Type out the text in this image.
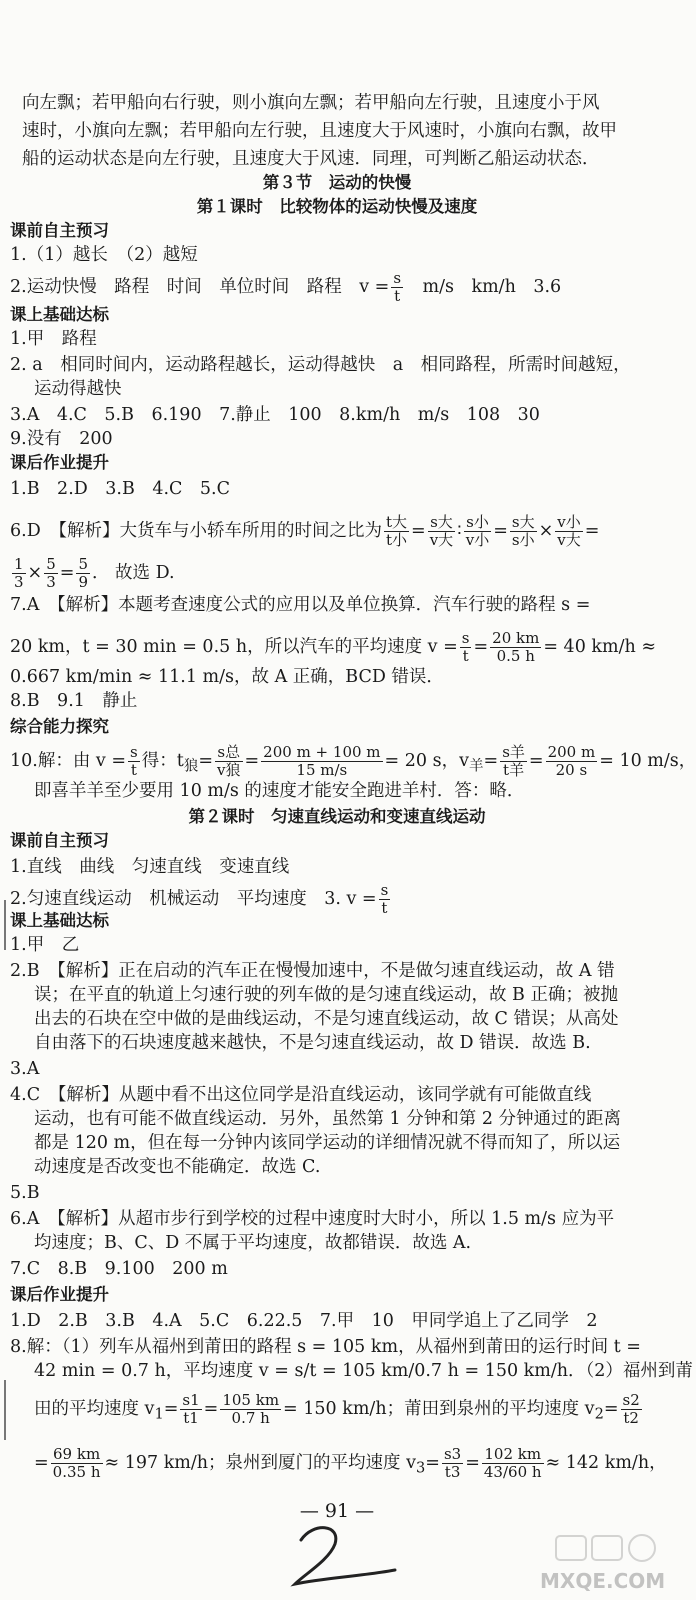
向左飘；若甲船向右行驶，则小旗向左飘；若甲船向左行驶，且速度小于风
速时，小旗向左飘；若甲船向左行驶，且速度大于风速时，小旗向右飘，故甲
船的运动状态是向左行驶，且速度大于风速．同理，可判断乙船运动状态．
第３节　运动的快慢
第１课时　比较物体的运动快慢及速度
课前自主预习
1.（1）越长　（2）越短
2.运动快慢　路程　时间　单位时间　路程　$v = \frac{s}{t}$
　 m/s　km/h　3.6
课上基础达标
1.甲　路程
2. a　相同时间内，运动路程越长，运动得越快　a　相同路程，所需时间越短，
运动得越快
3.A　4.C　5.B　6.190　7.静止　100　8.km/h　m/s　108　30
9.没有　200
课后作业提升
1.B　2.D　3.B　4.C　5.C
6.D　【解析】大货车与小轿车所用的时间之比为 $\frac{\text{t大}}{\text{t小}} = \frac{\text{s大}}{\text{v大}}$ ∶ $\frac{\text{s小}}{\text{v小}} = \frac{\text{s大}}{\text{s小}} \times \frac{\text{v小}}{\text{v大}}$ =
$\frac{1}{3} \times \frac{5}{3} = \frac{5}{9}$ ． 故选 D.
7.A　【解析】本题考查速度公式的应用以及单位换算．汽车行驶的路程 s =
20 km，t = 30 min = 0.5 h，所以汽车的平均速度 $v = \frac{s}{t} = \frac{20 km}{0.5 h} = 40$ km/h ≈
0.667 km/min ≈ 11.1 m/s，故 A 正确，BCD 错误．
8.B　9.1　静止
综合能力探究
10.解：由 $v = \frac{s}{t}$ 得：$t_狼= \frac{\text{s总}}{\text{v狼}} = \frac{200 m + 100 m}{15 m/s} = 20$ s，$v_羊= \frac{\text{s羊}}{\text{t羊}} = \frac{200 m}{20 s} = 10$ m/s，
即喜羊羊至少要用 10 m/s 的速度才能安全跑进羊村．答：略．
第２课时　匀速直线运动和变速直线运动
课前自主预习
1.直线　曲线　匀速直线　变速直线
2.匀速直线运动　机械运动　平均速度　3. $v = \frac{s}{t}$
课上基础达标
1.甲　乙
2.B　【解析】正在启动的汽车正在慢慢加速中，不是做匀速直线运动，故 A 错
误；在平直的轨道上匀速行驶的列车做的是匀速直线运动，故 B 正确；被抛
出去的石块在空中做的是曲线运动，不是匀速直线运动，故 C 错误；从高处
自由落下的石块速度越来越快，不是匀速直线运动，故 D 错误．故选 B.
3.A
4.C　【解析】从题中看不出这位同学是沿直线运动，该同学就有可能做直线
运动，也有可能不做直线运动．另外，虽然第 1 分钟和第 2 分钟通过的距离
都是 120 m，但在每一分钟内该同学运动的详细情况就不得而知了，所以运
动速度是否改变也不能确定．故选 C.
5.B
6.A　【解析】从超市步行到学校的过程中速度时大时小，所以 1.5 m/s 应为平
均速度；B、C、D 不属于平均速度，故都错误．故选 A.
7.C　8.B　9.100　200 m
课后作业提升
1.D　2.B　3.B　4.A　5.C　6.22.5　7.甲　10　甲同学追上了乙同学　2
8.解：（1）列车从福州到莆田的路程 s = 105 km，从福州到莆田的运行时间 t =
42 min = 0.7 h，平均速度 v = s/t = 105 km/0.7 h = 150 km/h．（2）福州到莆
田的平均速度 $v_1= \frac{s1}{t1} = \frac{105 km}{0.7 h} = 150$ km/h；莆田到泉州的平均速度 $v_2= \frac{s2}{t2}$
= $\frac{69 km}{0.35 h} \approx 197$ km/h；泉州到厦门的平均速度 $v_3= \frac{s3}{t3} = \frac{102 km}{43/60 h} \approx 142$ km/h，
— 91 —
MXQE.COM
